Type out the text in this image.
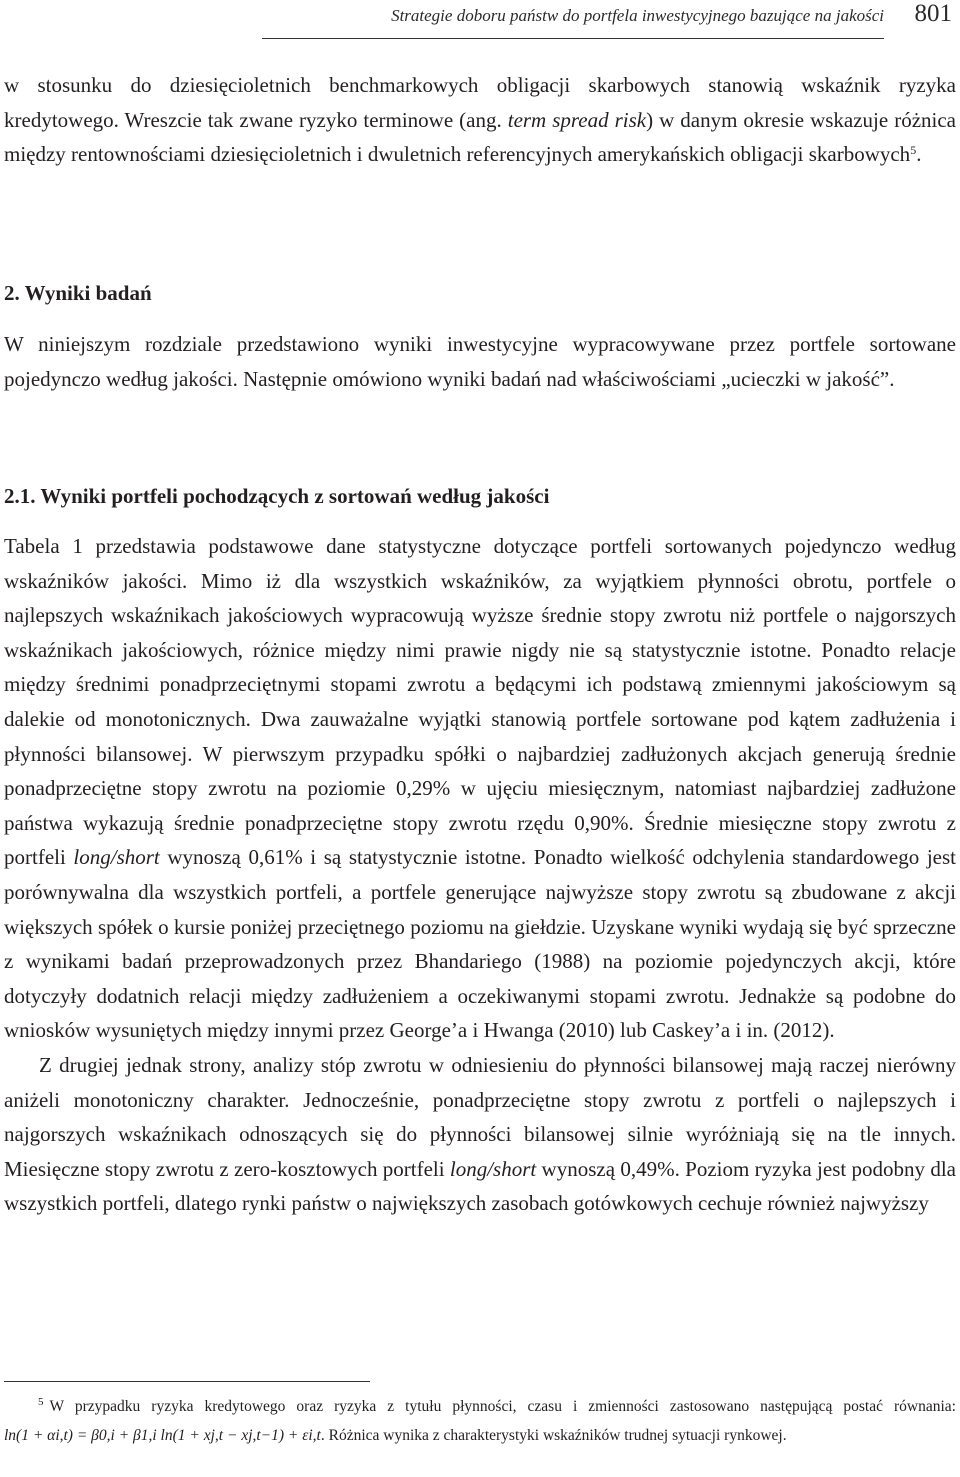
Strategie doboru państw do portfela inwestycyjnego bazujące na jakości 801

w stosunku do dziesięcioletnich benchmarkowych obligacji skarbowych stanowią wskaźnik ryzyka kredytowego. Wreszcie tak zwane ryzyko terminowe (ang. term spread risk) w danym okresie wskazuje różnica między rentownościami dziesięcioletnich i dwuletnich referencyjnych amerykańskich obligacji skarbowych$^5$.

2. Wyniki badań

W niniejszym rozdziale przedstawiono wyniki inwestycyjne wypracowywane przez portfele sortowane pojedynczo według jakości. Następnie omówiono wyniki badań nad właściwościami „ucieczki w jakość”.

2.1. Wyniki portfeli pochodzących z sortowań według jakości

Tabela 1 przedstawia podstawowe dane statystyczne dotyczące portfeli sortowanych pojedynczo według wskaźników jakości. Mimo iż dla wszystkich wskaźników, za wyjątkiem płynności obrotu, portfele o najlepszych wskaźnikach jakościowych wypracowują wyższe średnie stopy zwrotu niż portfele o najgorszych wskaźnikach jakościowych, różnice między nimi prawie nigdy nie są statystycznie istotne. Ponadto relacje między średnimi ponadprzeciętnymi stopami zwrotu a będącymi ich podstawą zmiennymi jakościowym są dalekie od monotonicznych. Dwa zauważalne wyjątki stanowią portfele sortowane pod kątem zadłużenia i płynności bilansowej. W pierwszym przypadku spółki o najbardziej zadłużonych akcjach generują średnie ponadprzeciętne stopy zwrotu na poziomie 0,29% w ujęciu miesięcznym, natomiast najbardziej zadłużone państwa wykazują średnie ponadprzeciętne stopy zwrotu rzędu 0,90%. Średnie miesięczne stopy zwrotu z portfeli long/short wynoszą 0,61% i są statystycznie istotne. Ponadto wielkość odchylenia standardowego jest porównywalna dla wszystkich portfeli, a portfele generujące najwyższe stopy zwrotu są zbudowane z akcji większych spółek o kursie poniżej przeciętnego poziomu na giełdzie. Uzyskane wyniki wydają się być sprzeczne z wynikami badań przeprowadzonych przez Bhandariego (1988) na poziomie pojedynczych akcji, które dotyczyły dodatnich relacji między zadłużeniem a oczekiwanymi stopami zwrotu. Jednakże są podobne do wniosków wysuniętych między innymi przez George’a i Hwanga (2010) lub Caskey’a i in. (2012).

Z drugiej jednak strony, analizy stóp zwrotu w odniesieniu do płynności bilansowej mają raczej nierówny aniżeli monotoniczny charakter. Jednocześnie, ponadprzeciętne stopy zwrotu z portfeli o najlepszych i najgorszych wskaźnikach odnoszących się do płynności bilansowej silnie wyróżniają się na tle innych. Miesięczne stopy zwrotu z zero-kosztowych portfeli long/short wynoszą 0,49%. Poziom ryzyka jest podobny dla wszystkich portfeli, dlatego rynki państw o największych zasobach gotówkowych cechuje również najwyższy

$^5$ W przypadku ryzyka kredytowego oraz ryzyka z tytułu płynności, czasu i zmienności zastosowano następującą postać równania: ln(1 + αi,t) = β0,i + β1,i ln(1 + xj,t − xj,t−1) + εi,t. Różnica wynika z charakterystyki wskaźników trudnej sytuacji rynkowej.
